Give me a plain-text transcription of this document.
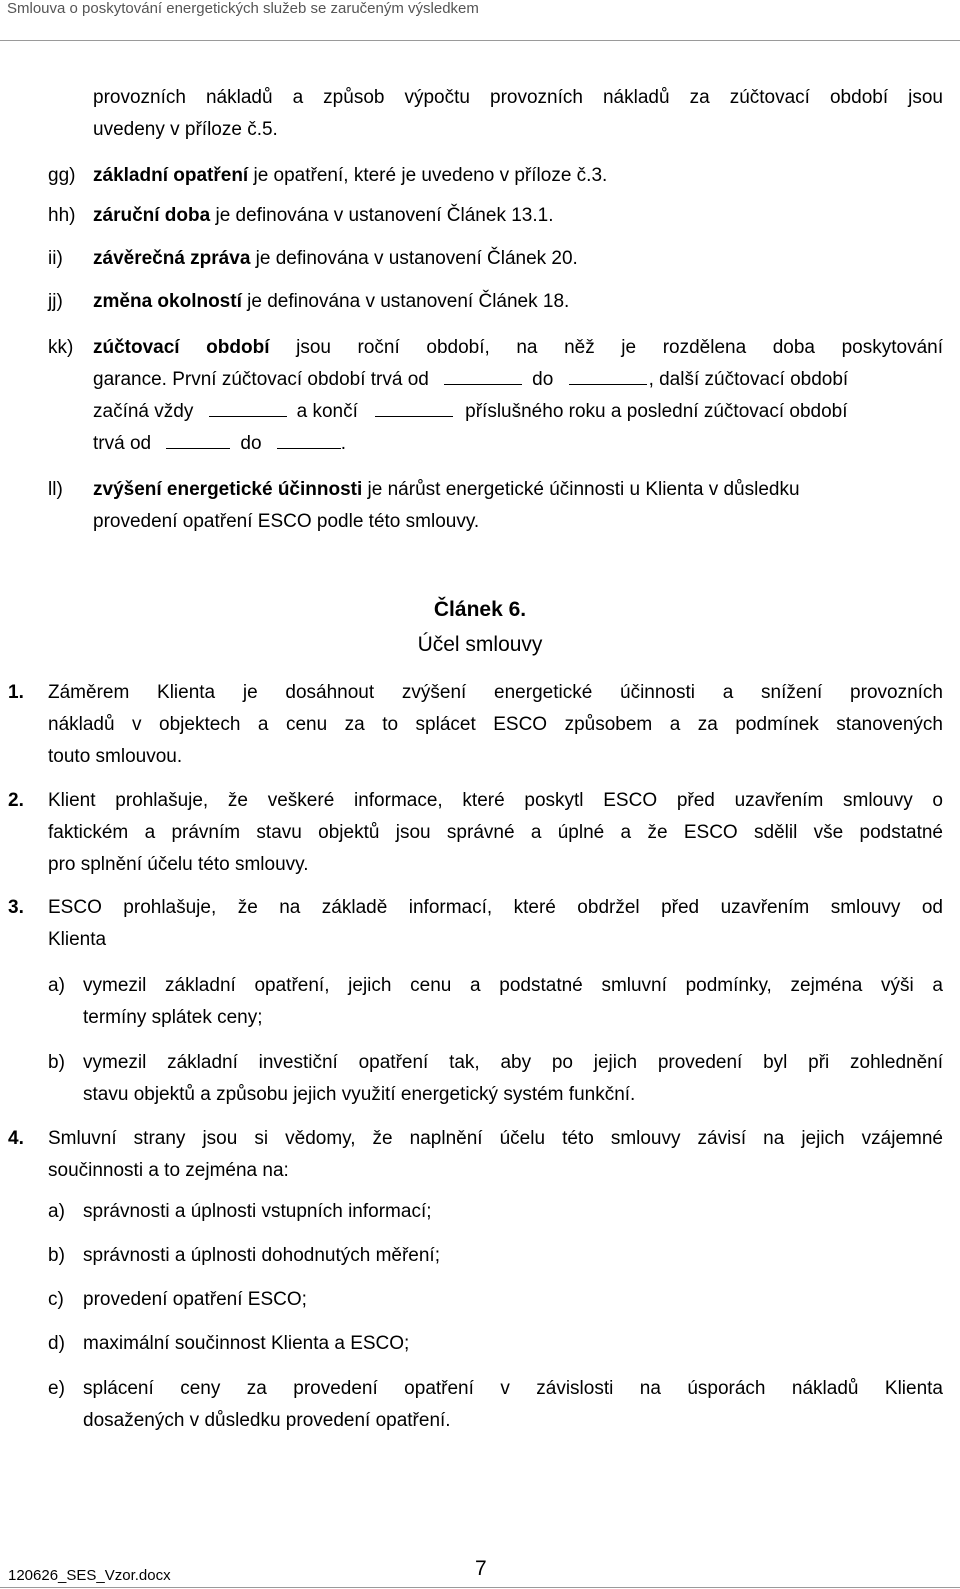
Smlouva o poskytování energetických služeb se zaručeným výsledkem
provozních nákladů a způsob výpočtu provozních nákladů za zúčtovací období jsou
uvedeny v příloze č.5.
gg) základní opatření je opatření, které je uvedeno v příloze č.3.
hh) záruční doba je definována v ustanovení Článek 13.1.
ii) závěrečná zpráva je definována v ustanovení Článek 20.
jj) změna okolností je definována v ustanovení Článek 18.
kk) zúčtovací období jsou roční období, na něž je rozdělena doba poskytování
garance. První zúčtovací období trvá od	do	, další zúčtovací období
začíná vždy	a končí	příslušného roku a poslední zúčtovací období
trvá od	do	.
ll) zvýšení energetické účinnosti je nárůst energetické účinnosti u Klienta v důsledku
provedení opatření ESCO podle této smlouvy.
Článek 6.
Účel smlouvy
1. Záměrem Klienta je dosáhnout zvýšení energetické účinnosti a snížení provozních
nákladů v objektech a cenu za to splácet ESCO způsobem a za podmínek stanovených
touto smlouvou.
2. Klient prohlašuje, že veškeré informace, které poskytl ESCO před uzavřením smlouvy o
faktickém a právním stavu objektů jsou správné a úplné a že ESCO sdělil vše podstatné
pro splnění účelu této smlouvy.
3. ESCO prohlašuje, že na základě informací, které obdržel před uzavřením smlouvy od
Klienta
a) vymezil základní opatření, jejich cenu a podstatné smluvní podmínky, zejména výši a
termíny splátek ceny;
b) vymezil základní investiční opatření tak, aby po jejich provedení byl při zohlednění
stavu objektů a způsobu jejich využití energetický systém funkční.
4. Smluvní strany jsou si vědomy, že naplnění účelu této smlouvy závisí na jejich vzájemné
součinnosti a to zejména na:
a) správnosti a úplnosti vstupních informací;
b) správnosti a úplnosti dohodnutých měření;
c) provedení opatření ESCO;
d) maximální součinnost Klienta a ESCO;
e) splácení ceny za provedení opatření v závislosti na úsporách nákladů Klienta
dosažených v důsledku provedení opatření.
120626_SES_Vzor.docx	7
